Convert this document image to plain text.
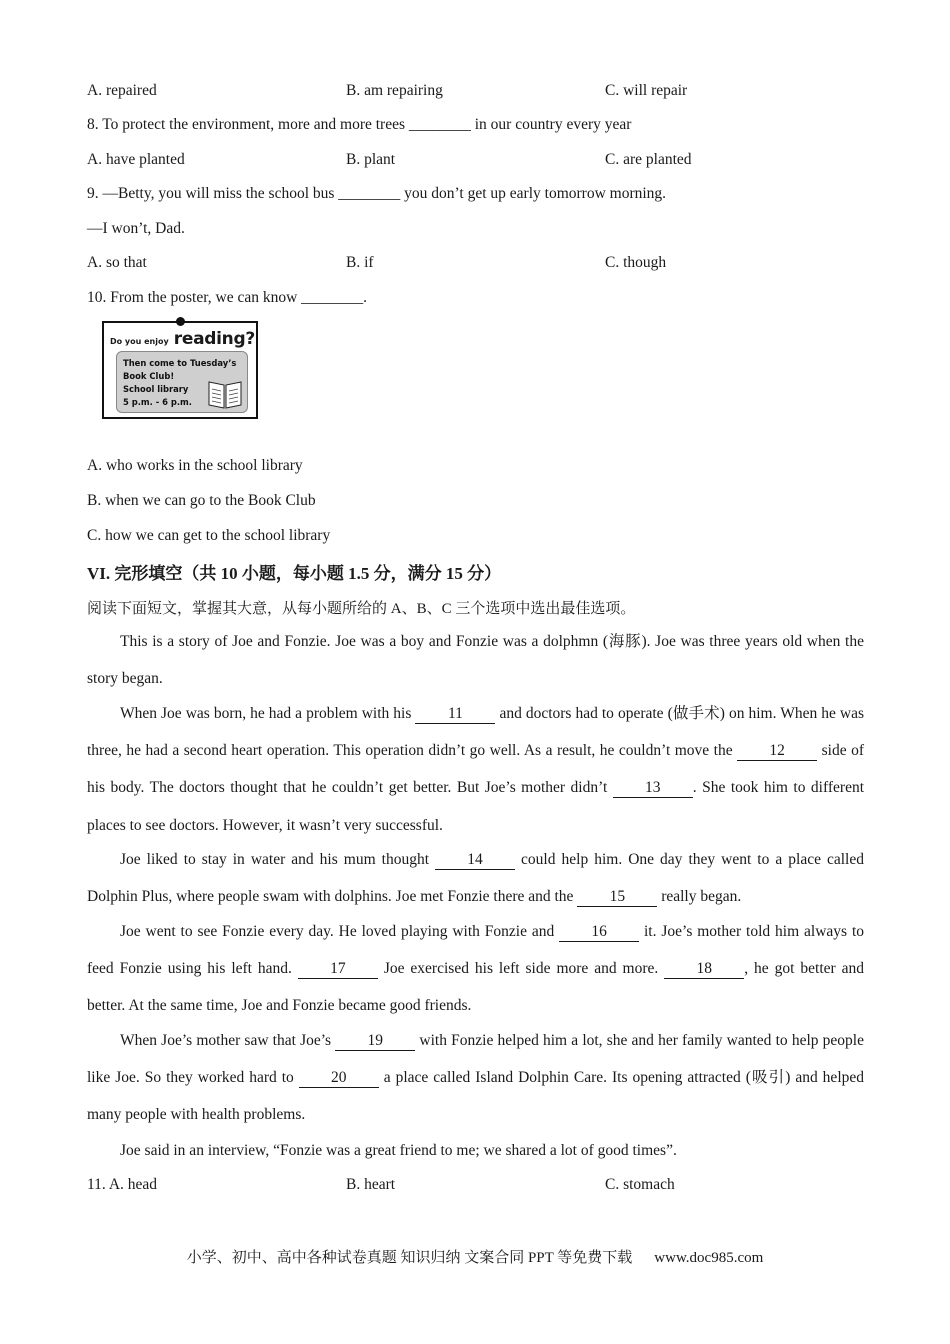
A. repaired	B. am repairing	C. will repair
8. To protect the environment, more and more trees ________ in our country every year
A. have planted	B. plant	C. are planted
9. —Betty, you will miss the school bus ________ you don’t get up early tomorrow morning.
—I won’t, Dad.
A. so that	B. if	C. though
10. From the poster, we can know ________.
Do you enjoy reading?
Then come to Tuesday’s
Book Club!
School library
5 p.m. - 6 p.m.
A. who works in the school library
B. when we can go to the Book Club
C. how we can get to the school library
VI. 完形填空（共 10 小题，每小题 1.5 分，满分 15 分）
阅读下面短文，掌握其大意，从每小题所给的 A、B、C 三个选项中选出最佳选项。

This is a story of Joe and Fonzie. Joe was a boy and Fonzie was a dolphmn (海豚). Joe was three years old when the story began.

When Joe was born, he had a problem with his 11 and doctors had to operate (做手术) on him. When he was three, he had a second heart operation. This operation didn’t go well. As a result, he couldn’t move the 12 side of his body. The doctors thought that he couldn’t get better. But Joe’s mother didn’t 13 . She took him to different places to see doctors. However, it wasn’t very successful.

Joe liked to stay in water and his mum thought 14 could help him. One day they went to a place called Dolphin Plus, where people swam with dolphins. Joe met Fonzie there and the 15 really began.

Joe went to see Fonzie every day. He loved playing with Fonzie and 16 it. Joe’s mother told him always to feed Fonzie using his left hand. 17 Joe exercised his left side more and more. 18 , he got better and better. At the same time, Joe and Fonzie became good friends.

When Joe’s mother saw that Joe’s 19 with Fonzie helped him a lot, she and her family wanted to help people like Joe. So they worked hard to 20 a place called Island Dolphin Care. Its opening attracted (吸引) and helped many people with health problems.

Joe said in an interview, “Fonzie was a great friend to me; we shared a lot of good times”.

11. A. head	B. heart	C. stomach
小学、初中、高中各种试卷真题 知识归纳 文案合同 PPT 等免费下载 www.doc985.com
